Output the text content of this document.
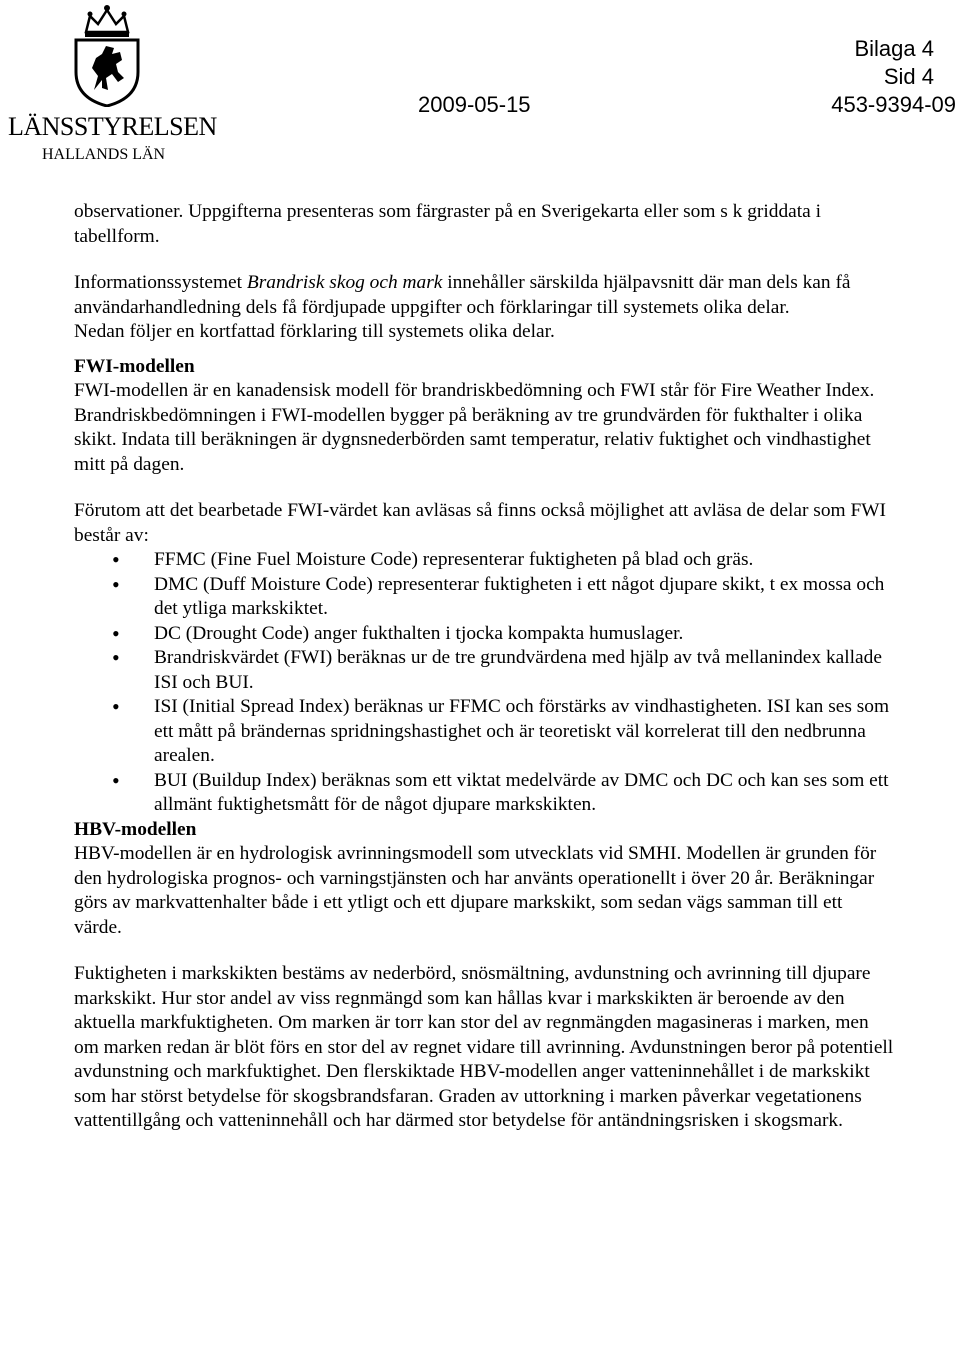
LÄNSSTYRELSEN
HALLANDS LÄN
Bilaga 4
Sid 4
2009-05-15	453-9394-09

observationer. Uppgifterna presenteras som färgraster på en Sverigekarta eller som s k griddata i tabellform.

Informationssystemet Brandrisk skog och mark innehåller särskilda hjälpavsnitt där man dels kan få användarhandledning dels få fördjupade uppgifter och förklaringar till systemets olika delar.

Nedan följer en kortfattad förklaring till systemets olika delar.

FWI-modellen

FWI-modellen är en kanadensisk modell för brandriskbedömning och FWI står för Fire Weather Index. Brandriskbedömningen i FWI-modellen bygger på beräkning av tre grundvärden för fukthalter i olika skikt. Indata till beräkningen är dygnsnederbörden samt temperatur, relativ fuktighet och vindhastighet mitt på dagen.

Förutom att det bearbetade FWI-värdet kan avläsas så finns också möjlighet att avläsa de delar som FWI består av:

• FFMC (Fine Fuel Moisture Code) representerar fuktigheten på blad och gräs.
• DMC (Duff Moisture Code) representerar fuktigheten i ett något djupare skikt, t ex mossa och det ytliga markskiktet.
• DC (Drought Code) anger fukthalten i tjocka kompakta humuslager.
• Brandriskvärdet (FWI) beräknas ur de tre grundvärdena med hjälp av två mellanindex kallade ISI och BUI.
• ISI (Initial Spread Index) beräknas ur FFMC och förstärks av vindhastigheten. ISI kan ses som ett mått på brändernas spridningshastighet och är teoretiskt väl korrelerat till den nedbrunna arealen.
• BUI (Buildup Index) beräknas som ett viktat medelvärde av DMC och DC och kan ses som ett allmänt fuktighetsmått för de något djupare markskikten.
HBV-modellen

HBV-modellen är en hydrologisk avrinningsmodell som utvecklats vid SMHI. Modellen är grunden för den hydrologiska prognos- och varningstjänsten och har använts operationellt i över 20 år. Beräkningar görs av markvattenhalter både i ett ytligt och ett djupare markskikt, som sedan vägs samman till ett värde.

Fuktigheten i markskikten bestäms av nederbörd, snösmältning, avdunstning och avrinning till djupare markskikt. Hur stor andel av viss regnmängd som kan hållas kvar i markskikten är beroende av den aktuella markfuktigheten. Om marken är torr kan stor del av regnmängden magasineras i marken, men om marken redan är blöt förs en stor del av regnet vidare till avrinning. Avdunstningen beror på potentiell avdunstning och markfuktighet. Den flerskiktade HBV-modellen anger vatteninnehållet i de markskikt som har störst betydelse för skogsbrandsfaran. Graden av uttorkning i marken påverkar vegetationens vattentillgång och vatteninnehåll och har därmed stor betydelse för antändningsrisken i skogsmark.
